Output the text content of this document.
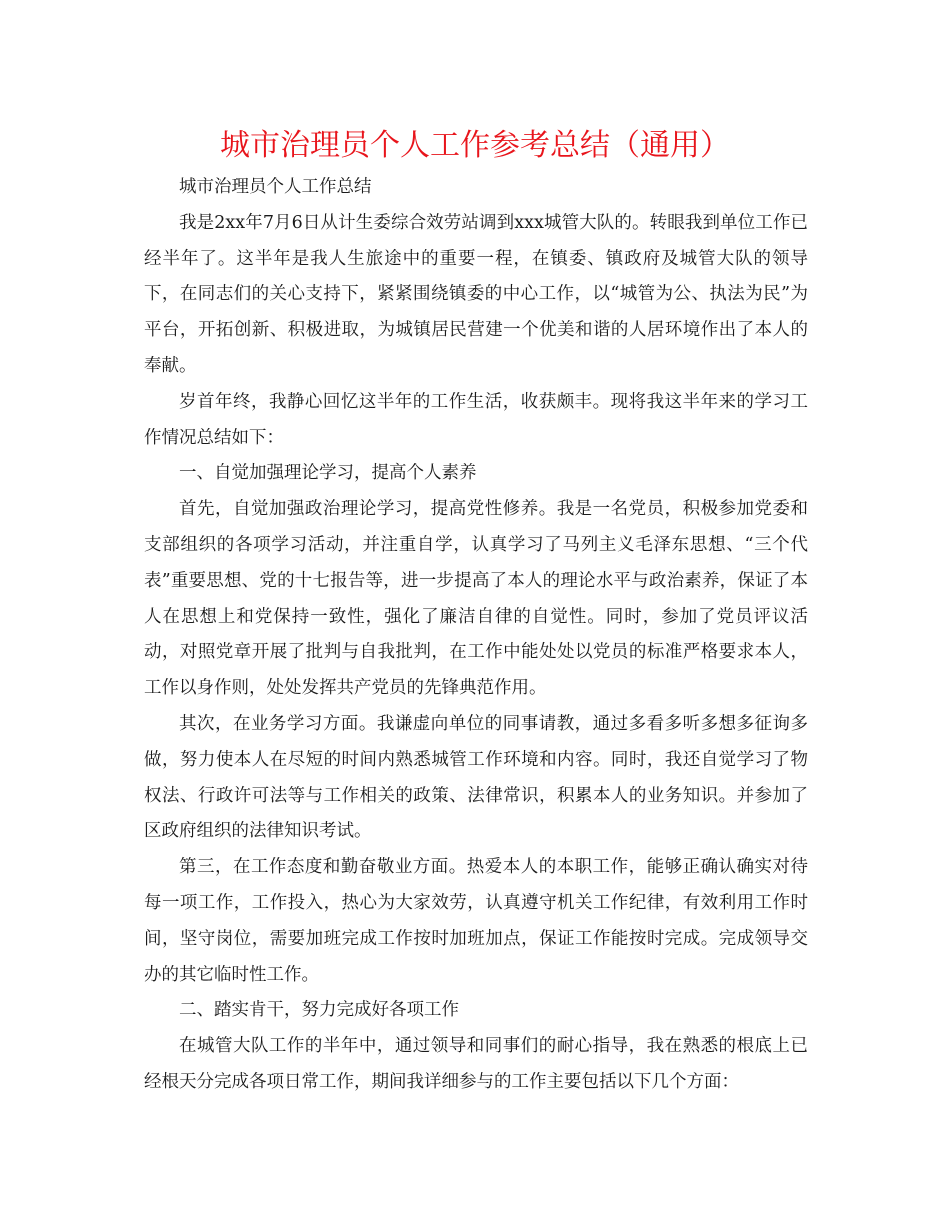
城市治理员个人工作参考总结（通用）

城市治理员个人工作总结

我是2xx年7月6日从计生委综合效劳站调到xxx城管大队的。转眼我到单位工作已经半年了。这半年是我人生旅途中的重要一程，在镇委、镇政府及城管大队的领导下，在同志们的关心支持下，紧紧围绕镇委的中心工作，以“城管为公、执法为民”为平台，开拓创新、积极进取，为城镇居民营建一个优美和谐的人居环境作出了本人的奉献。

岁首年终，我静心回忆这半年的工作生活，收获颇丰。现将我这半年来的学习工作情况总结如下：

一、自觉加强理论学习，提高个人素养

首先，自觉加强政治理论学习，提高党性修养。我是一名党员，积极参加党委和支部组织的各项学习活动，并注重自学，认真学习了马列主义毛泽东思想、“三个代表”重要思想、党的十七报告等，进一步提高了本人的理论水平与政治素养，保证了本人在思想上和党保持一致性，强化了廉洁自律的自觉性。同时，参加了党员评议活动，对照党章开展了批判与自我批判，在工作中能处处以党员的标准严格要求本人，工作以身作则，处处发挥共产党员的先锋典范作用。

其次，在业务学习方面。我谦虚向单位的同事请教，通过多看多听多想多征询多做，努力使本人在尽短的时间内熟悉城管工作环境和内容。同时，我还自觉学习了物权法、行政许可法等与工作相关的政策、法律常识，积累本人的业务知识。并参加了区政府组织的法律知识考试。

第三，在工作态度和勤奋敬业方面。热爱本人的本职工作，能够正确认确实对待每一项工作，工作投入，热心为大家效劳，认真遵守机关工作纪律，有效利用工作时间，坚守岗位，需要加班完成工作按时加班加点，保证工作能按时完成。完成领导交办的其它临时性工作。

二、踏实肯干，努力完成好各项工作

在城管大队工作的半年中，通过领导和同事们的耐心指导，我在熟悉的根底上已经根天分完成各项日常工作，期间我详细参与的工作主要包括以下几个方面：
